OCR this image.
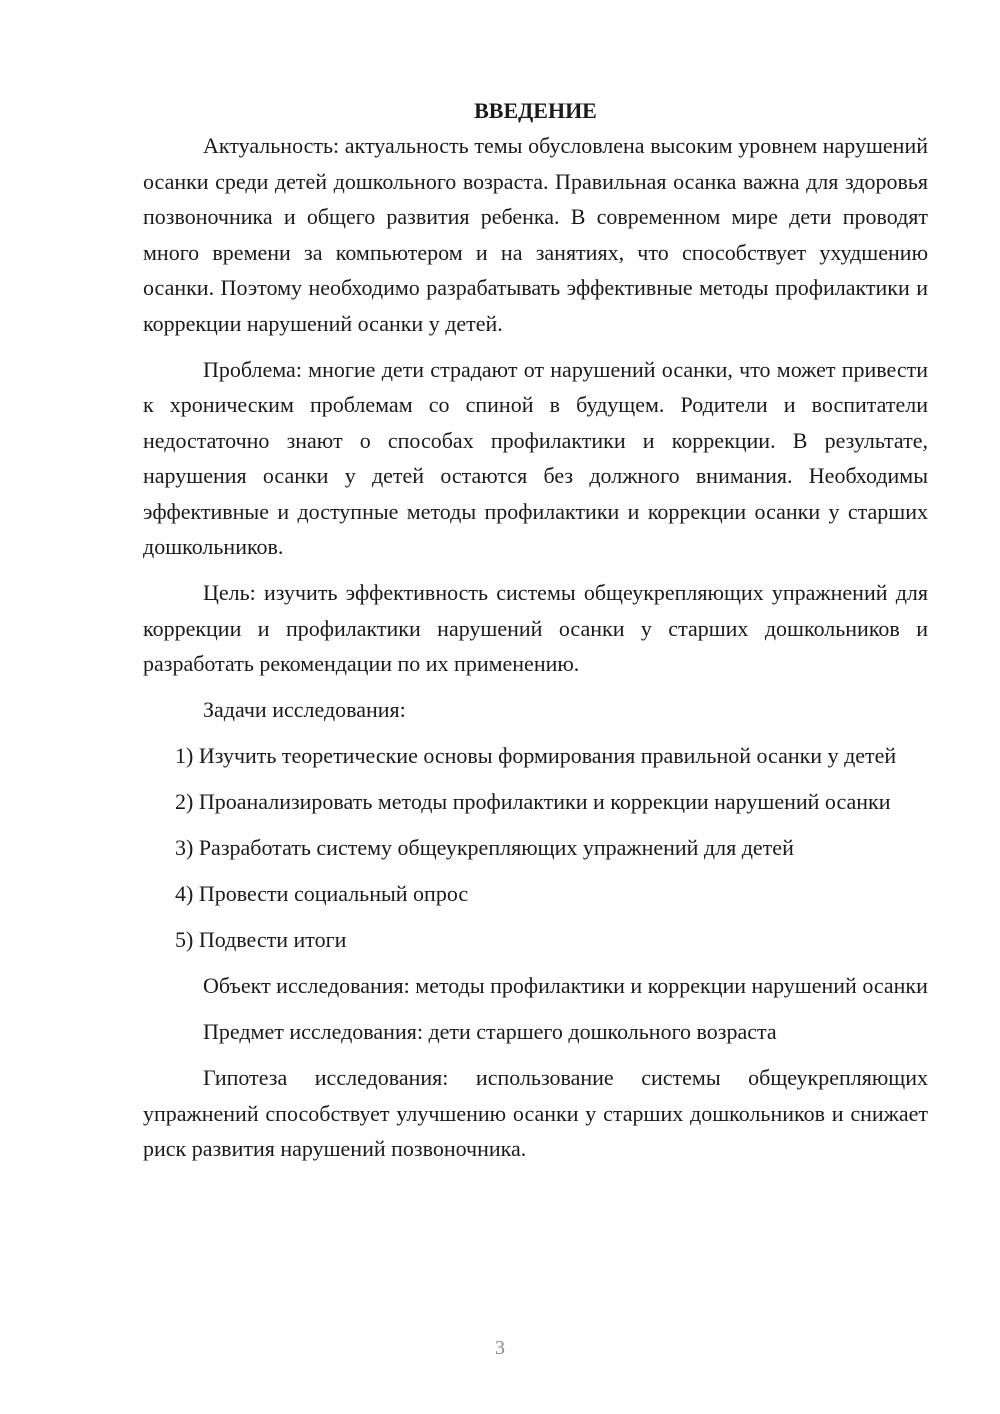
ВВЕДЕНИЕ

Актуальность: актуальность темы обусловлена высоким уровнем нарушений осанки среди детей дошкольного возраста. Правильная осанка важна для здоровья позвоночника и общего развития ребенка. В современном мире дети проводят много времени за компьютером и на занятиях, что способствует ухудшению осанки. Поэтому необходимо разрабатывать эффективные методы профилактики и коррекции нарушений осанки у детей.

Проблема: многие дети страдают от нарушений осанки, что может привести к хроническим проблемам со спиной в будущем. Родители и воспитатели недостаточно знают о способах профилактики и коррекции. В результате, нарушения осанки у детей остаются без должного внимания. Необходимы эффективные и доступные методы профилактики и коррекции осанки у старших дошкольников.

Цель: изучить эффективность системы общеукрепляющих упражнений для коррекции и профилактики нарушений осанки у старших дошкольников и разработать рекомендации по их применению.

Задачи исследования:

1) Изучить теоретические основы формирования правильной осанки у детей

2) Проанализировать методы профилактики и коррекции нарушений осанки

3) Разработать систему общеукрепляющих упражнений для детей

4) Провести социальный опрос

5) Подвести итоги

Объект исследования: методы профилактики и коррекции нарушений осанки

Предмет исследования: дети старшего дошкольного возраста

Гипотеза исследования: использование системы общеукрепляющих упражнений способствует улучшению осанки у старших дошкольников и снижает риск развития нарушений позвоночника.

3
